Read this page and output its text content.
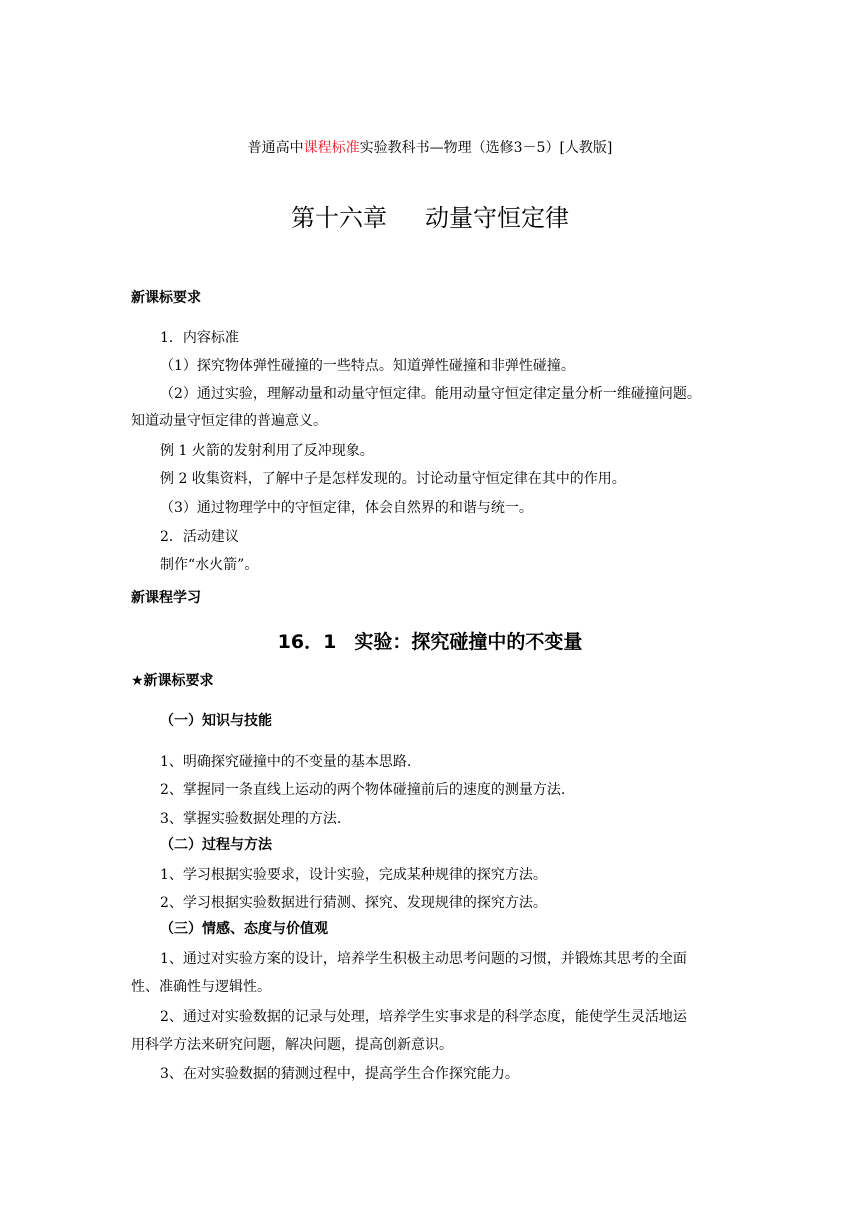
普通高中课程标准实验教科书—物理（选修3－5）[人教版]
第十六章 动量守恒定律
新课标要求
1．内容标准
（1）探究物体弹性碰撞的一些特点。知道弹性碰撞和非弹性碰撞。
（2）通过实验，理解动量和动量守恒定律。能用动量守恒定律定量分析一维碰撞问题。
知道动量守恒定律的普遍意义。
例 1 火箭的发射利用了反冲现象。
例 2 收集资料，了解中子是怎样发现的。讨论动量守恒定律在其中的作用。
（3）通过物理学中的守恒定律，体会自然界的和谐与统一。
2．活动建议
制作“水火箭”。
新课程学习
16．1 实验：探究碰撞中的不变量
★新课标要求
（一）知识与技能
1、明确探究碰撞中的不变量的基本思路.
2、掌握同一条直线上运动的两个物体碰撞前后的速度的测量方法.
3、掌握实验数据处理的方法.
（二）过程与方法
1、学习根据实验要求，设计实验，完成某种规律的探究方法。
2、学习根据实验数据进行猜测、探究、发现规律的探究方法。
（三）情感、态度与价值观
1、通过对实验方案的设计，培养学生积极主动思考问题的习惯，并锻炼其思考的全面
性、准确性与逻辑性。
2、通过对实验数据的记录与处理，培养学生实事求是的科学态度，能使学生灵活地运
用科学方法来研究问题，解决问题，提高创新意识。
3、在对实验数据的猜测过程中，提高学生合作探究能力。
